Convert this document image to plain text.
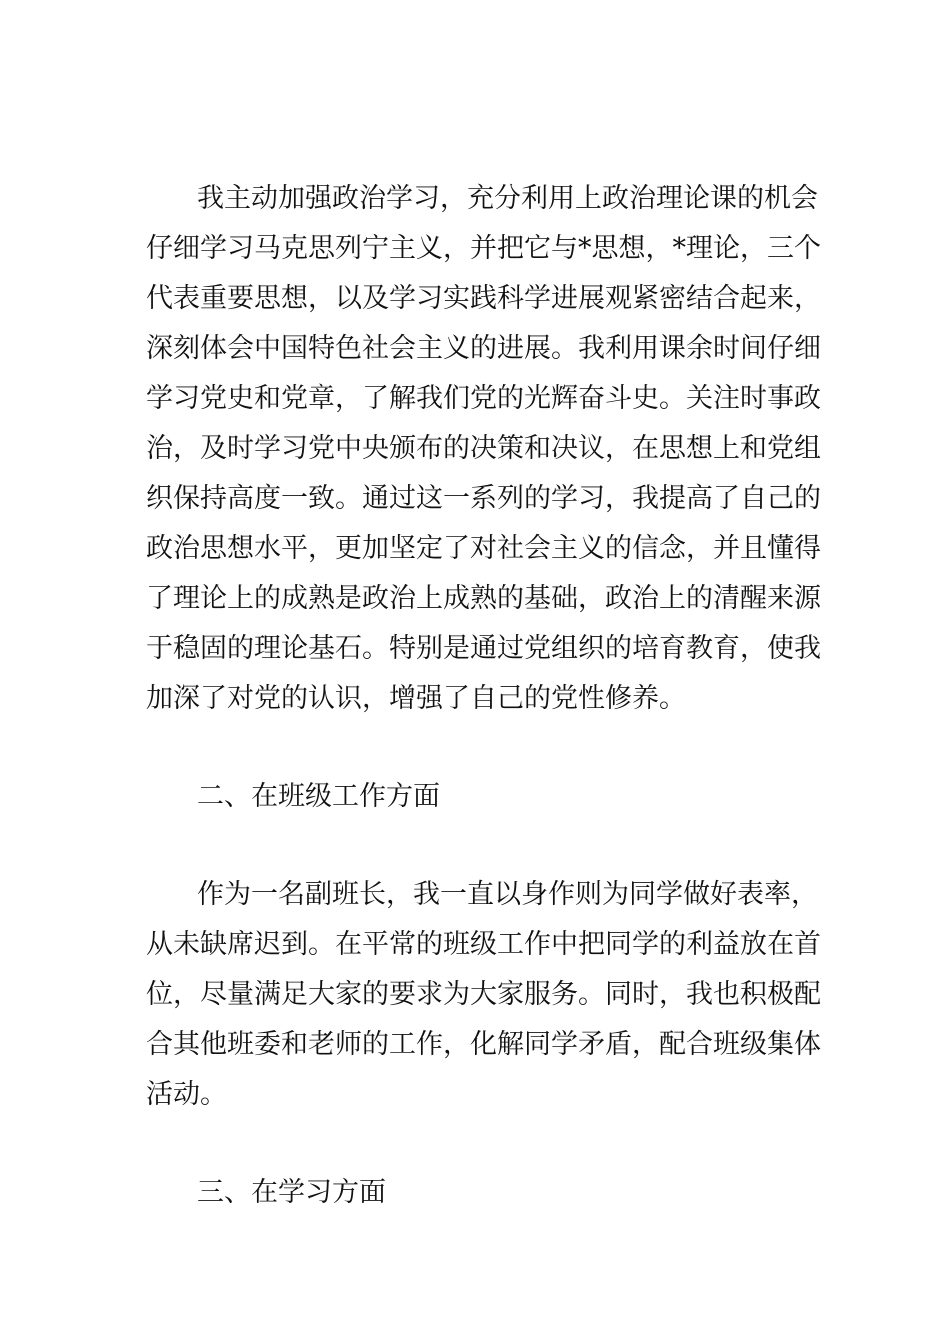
我主动加强政治学习，充分利用上政治理论课的机会
仔细学习马克思列宁主义，并把它与*思想，*理论，三个
代表重要思想，以及学习实践科学进展观紧密结合起来，
深刻体会中国特色社会主义的进展。我利用课余时间仔细
学习党史和党章，了解我们党的光辉奋斗史。关注时事政
治，及时学习党中央颁布的决策和决议，在思想上和党组
织保持高度一致。通过这一系列的学习，我提高了自己的
政治思想水平，更加坚定了对社会主义的信念，并且懂得
了理论上的成熟是政治上成熟的基础，政治上的清醒来源
于稳固的理论基石。特别是通过党组织的培育教育，使我
加深了对党的认识，增强了自己的党性修养。
二、在班级工作方面
作为一名副班长，我一直以身作则为同学做好表率，
从未缺席迟到。在平常的班级工作中把同学的利益放在首
位，尽量满足大家的要求为大家服务。同时，我也积极配
合其他班委和老师的工作，化解同学矛盾，配合班级集体
活动。
三、在学习方面
